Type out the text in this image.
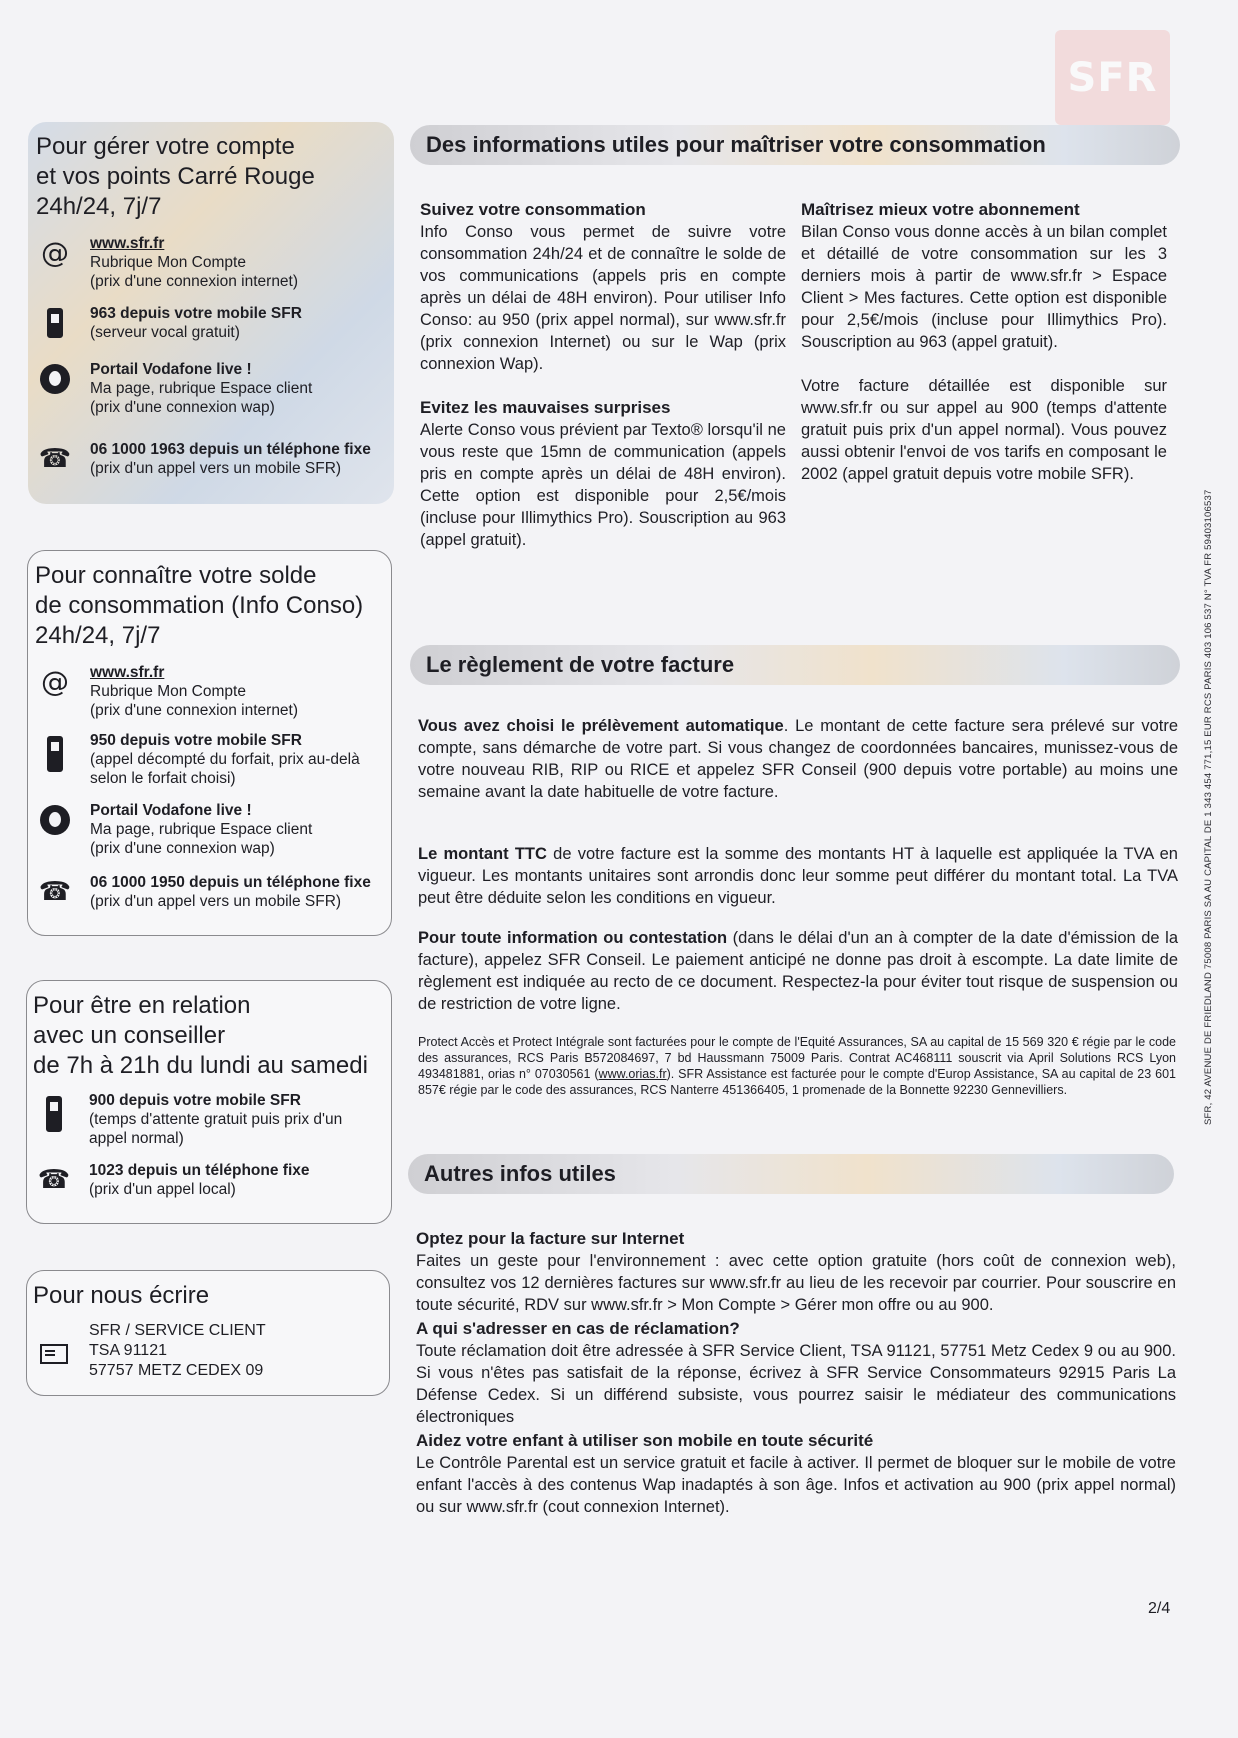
SFR
Pour gérer votre compte
et vos points Carré Rouge
24h/24, 7j/7
@ www.sfr.fr
Rubrique Mon Compte
(prix d'une connexion internet)
963 depuis votre mobile SFR
(serveur vocal gratuit)
Portail Vodafone live !
Ma page, rubrique Espace client
(prix d'une connexion wap)
☎ 06 1000 1963 depuis un téléphone fixe
(prix d'un appel vers un mobile SFR)
Pour connaître votre solde
de consommation (Info Conso)
24h/24, 7j/7
@ www.sfr.fr
Rubrique Mon Compte
(prix d'une connexion internet)
950 depuis votre mobile SFR
(appel décompté du forfait, prix au-delà
selon le forfait choisi)
Portail Vodafone live !
Ma page, rubrique Espace client
(prix d'une connexion wap)
☎ 06 1000 1950 depuis un téléphone fixe
(prix d'un appel vers un mobile SFR)
Pour être en relation
avec un conseiller
de 7h à 21h du lundi au samedi
900 depuis votre mobile SFR
(temps d'attente gratuit puis prix d'un
appel normal)
☎ 1023 depuis un téléphone fixe
(prix d'un appel local)
Pour nous écrire
SFR / SERVICE CLIENT
TSA 91121
57757 METZ CEDEX 09
Des informations utiles pour maîtriser votre consommation
Suivez votre consommation

Info Conso vous permet de suivre votre consommation 24h/24 et de connaître le solde de vos communications (appels pris en compte après un délai de 48H environ). Pour utiliser Info Conso: au 950 (prix appel normal), sur www.sfr.fr (prix connexion Internet) ou sur le Wap (prix connexion Wap).

Evitez les mauvaises surprises

Alerte Conso vous prévient par Texto® lorsqu'il ne vous reste que 15mn de communication (appels pris en compte après un délai de 48H environ). Cette option est disponible pour 2,5€/mois (incluse pour Illimythics Pro). Souscription au 963 (appel gratuit).

Maîtrisez mieux votre abonnement

Bilan Conso vous donne accès à un bilan complet et détaillé de votre consommation sur les 3 derniers mois à partir de www.sfr.fr > Espace Client > Mes factures. Cette option est disponible pour 2,5€/mois (incluse pour Illimythics Pro). Souscription au 963 (appel gratuit).

Votre facture détaillée est disponible sur www.sfr.fr ou sur appel au 900 (temps d'attente gratuit puis prix d'un appel normal). Vous pouvez aussi obtenir l'envoi de vos tarifs en composant le 2002 (appel gratuit depuis votre mobile SFR).

Le règlement de votre facture
Vous avez choisi le prélèvement automatique. Le montant de cette facture sera prélevé sur votre compte, sans démarche de votre part. Si vous changez de coordonnées bancaires, munissez-vous de votre nouveau RIB, RIP ou RICE et appelez SFR Conseil (900 depuis votre portable) au moins une semaine avant la date habituelle de votre facture.
Le montant TTC de votre facture est la somme des montants HT à laquelle est appliquée la TVA en vigueur. Les montants unitaires sont arrondis donc leur somme peut différer du montant total. La TVA peut être déduite selon les conditions en vigueur.
Pour toute information ou contestation (dans le délai d'un an à compter de la date d'émission de la facture), appelez SFR Conseil. Le paiement anticipé ne donne pas droit à escompte. La date limite de règlement est indiquée au recto de ce document. Respectez-la pour éviter tout risque de suspension ou de restriction de votre ligne.
Protect Accès et Protect Intégrale sont facturées pour le compte de l'Equité Assurances, SA au capital de 15 569 320 € régie par le code des assurances, RCS Paris B572084697, 7 bd Haussmann 75009 Paris. Contrat AC468111 souscrit via April Solutions RCS Lyon 493481881, orias n° 07030561 (www.orias.fr). SFR Assistance est facturée pour le compte d'Europ Assistance, SA au capital de 23 601 857€ régie par le code des assurances, RCS Nanterre 451366405, 1 promenade de la Bonnette 92230 Gennevilliers.
Autres infos utiles
Optez pour la facture sur Internet

Faites un geste pour l'environnement : avec cette option gratuite (hors coût de connexion web), consultez vos 12 dernières factures sur www.sfr.fr au lieu de les recevoir par courrier. Pour souscrire en toute sécurité, RDV sur www.sfr.fr > Mon Compte > Gérer mon offre ou au 900.

A qui s'adresser en cas de réclamation?

Toute réclamation doit être adressée à SFR Service Client, TSA 91121, 57751 Metz Cedex 9 ou au 900. Si vous n'êtes pas satisfait de la réponse, écrivez à SFR Service Consommateurs 92915 Paris La Défense Cedex. Si un différend subsiste, vous pourrez saisir le médiateur des communications électroniques

Aidez votre enfant à utiliser son mobile en toute sécurité

Le Contrôle Parental est un service gratuit et facile à activer. Il permet de bloquer sur le mobile de votre enfant l'accès à des contenus Wap inadaptés à son âge. Infos et activation au 900 (prix appel normal) ou sur www.sfr.fr (cout connexion Internet).

SFR, 42 AVENUE DE FRIEDLAND 75008 PARIS SA AU CAPITAL DE 1 343 454 771,15 EUR RCS PARIS 403 106 537 N° TVA FR 59403106537
2/4
